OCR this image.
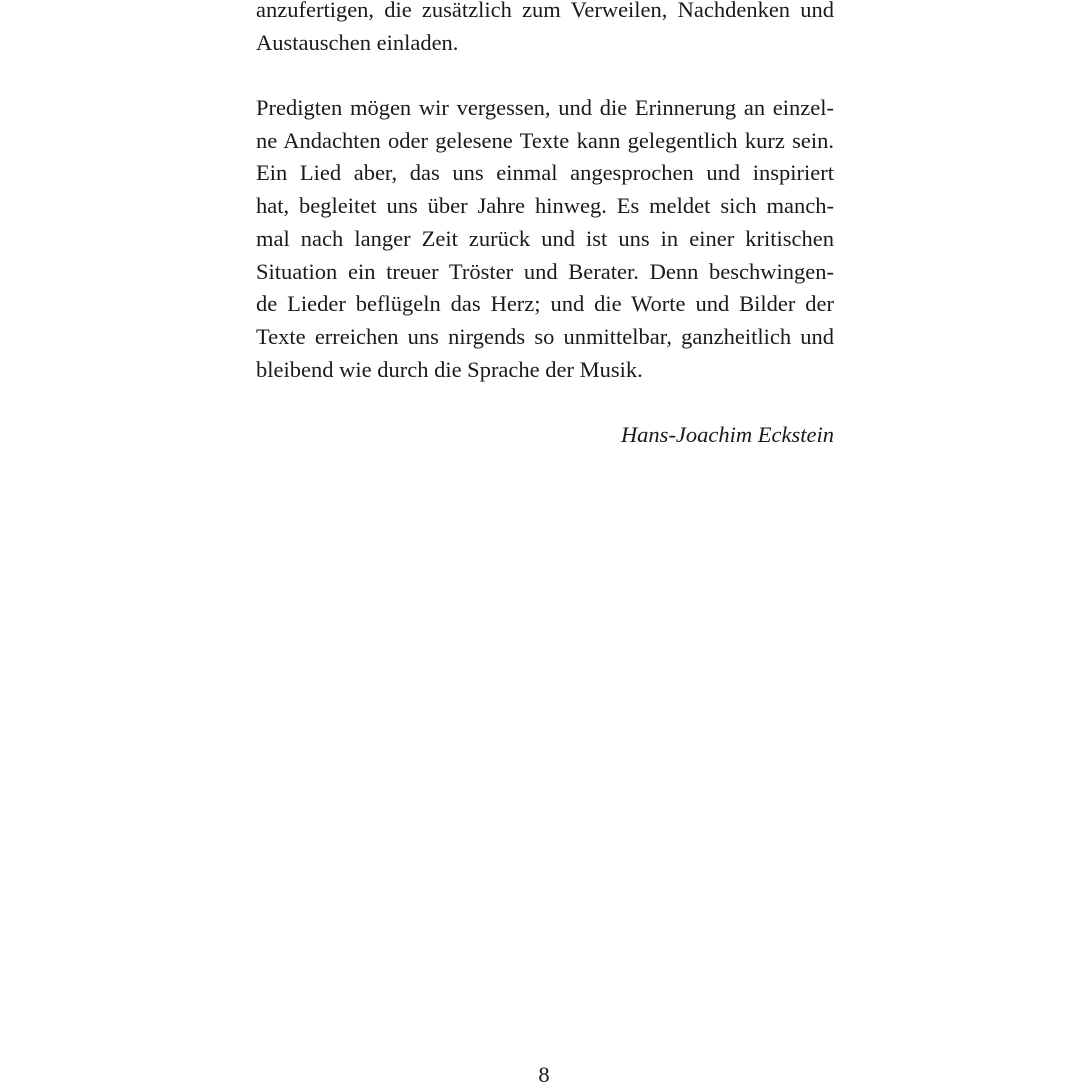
anzufertigen, die zusätzlich zum Verweilen, Nachdenken und
Austauschen einladen.
Predigten mögen wir vergessen, und die Erinnerung an einzel-
ne Andachten oder gelesene Texte kann gelegentlich kurz sein.
Ein Lied aber, das uns einmal angesprochen und inspiriert
hat, begleitet uns über Jahre hinweg. Es meldet sich manch-
mal nach langer Zeit zurück und ist uns in einer kritischen
Situation ein treuer Tröster und Berater. Denn beschwingen-
de Lieder beflügeln das Herz; und die Worte und Bilder der
Texte erreichen uns nirgends so unmittelbar, ganzheitlich und
bleibend wie durch die Sprache der Musik.
Hans-Joachim Eckstein
8
